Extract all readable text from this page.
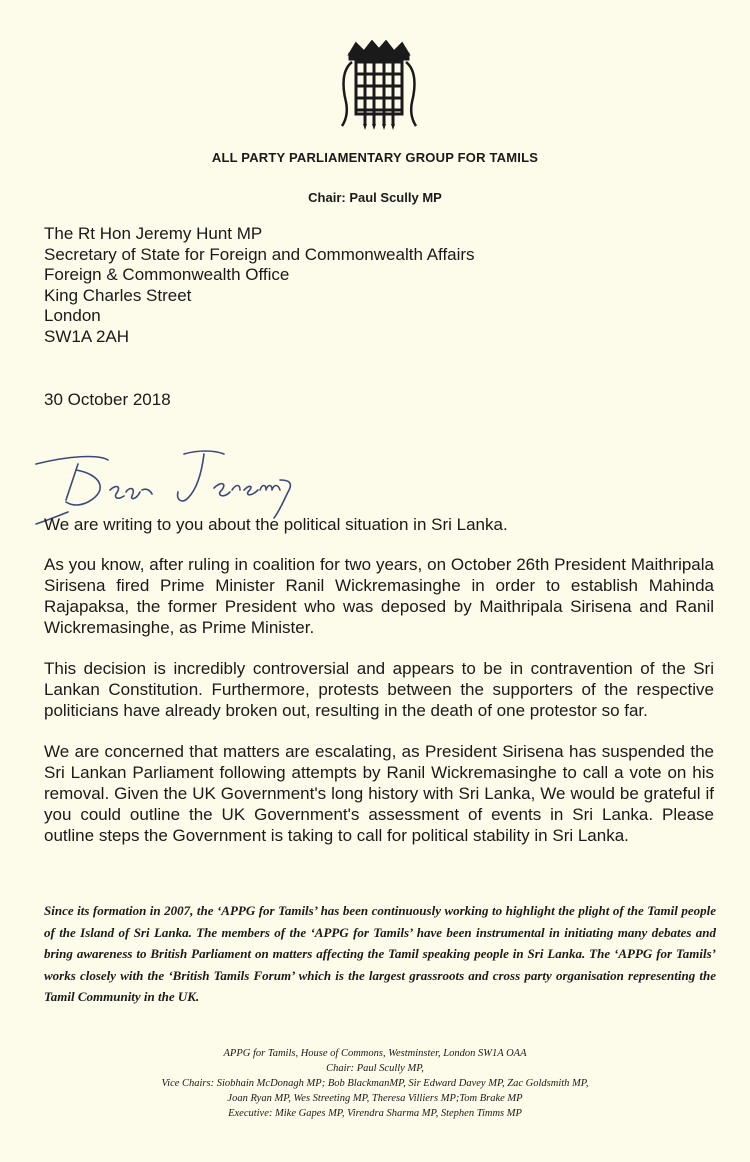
ALL PARTY PARLIAMENTARY GROUP FOR TAMILS
Chair: Paul Scully MP
The Rt Hon Jeremy Hunt MP
Secretary of State for Foreign and Commonwealth Affairs
Foreign & Commonwealth Office
King Charles Street
London
SW1A 2AH
30 October 2018

We are writing to you about the political situation in Sri Lanka.

As you know, after ruling in coalition for two years, on October 26th President Maithripala Sirisena fired Prime Minister Ranil Wickremasinghe in order to establish Mahinda Rajapaksa, the former President who was deposed by Maithripala Sirisena and Ranil Wickremasinghe, as Prime Minister.

This decision is incredibly controversial and appears to be in contravention of the Sri Lankan Constitution. Furthermore, protests between the supporters of the respective politicians have already broken out, resulting in the death of one protestor so far.

We are concerned that matters are escalating, as President Sirisena has suspended the Sri Lankan Parliament following attempts by Ranil Wickremasinghe to call a vote on his removal. Given the UK Government's long history with Sri Lanka, We would be grateful if you could outline the UK Government's assessment of events in Sri Lanka. Please outline steps the Government is taking to call for political stability in Sri Lanka.

Since its formation in 2007, the ‘APPG for Tamils’ has been continuously working to highlight the plight of the Tamil people of the Island of Sri Lanka. The members of the ‘APPG for Tamils’ have been instrumental in initiating many debates and bring awareness to British Parliament on matters affecting the Tamil speaking people in Sri Lanka. The ‘APPG for Tamils’ works closely with the ‘British Tamils Forum’ which is the largest grassroots and cross party organisation representing the Tamil Community in the UK.
APPG for Tamils, House of Commons, Westminster, London SW1A OAA
Chair: Paul Scully MP,
Vice Chairs: Siobhain McDonagh MP; Bob BlackmanMP, Sir Edward Davey MP, Zac Goldsmith MP,
Joan Ryan MP, Wes Streeting MP, Theresa Villiers MP;Tom Brake MP
Executive: Mike Gapes MP, Virendra Sharma MP, Stephen Timms MP
